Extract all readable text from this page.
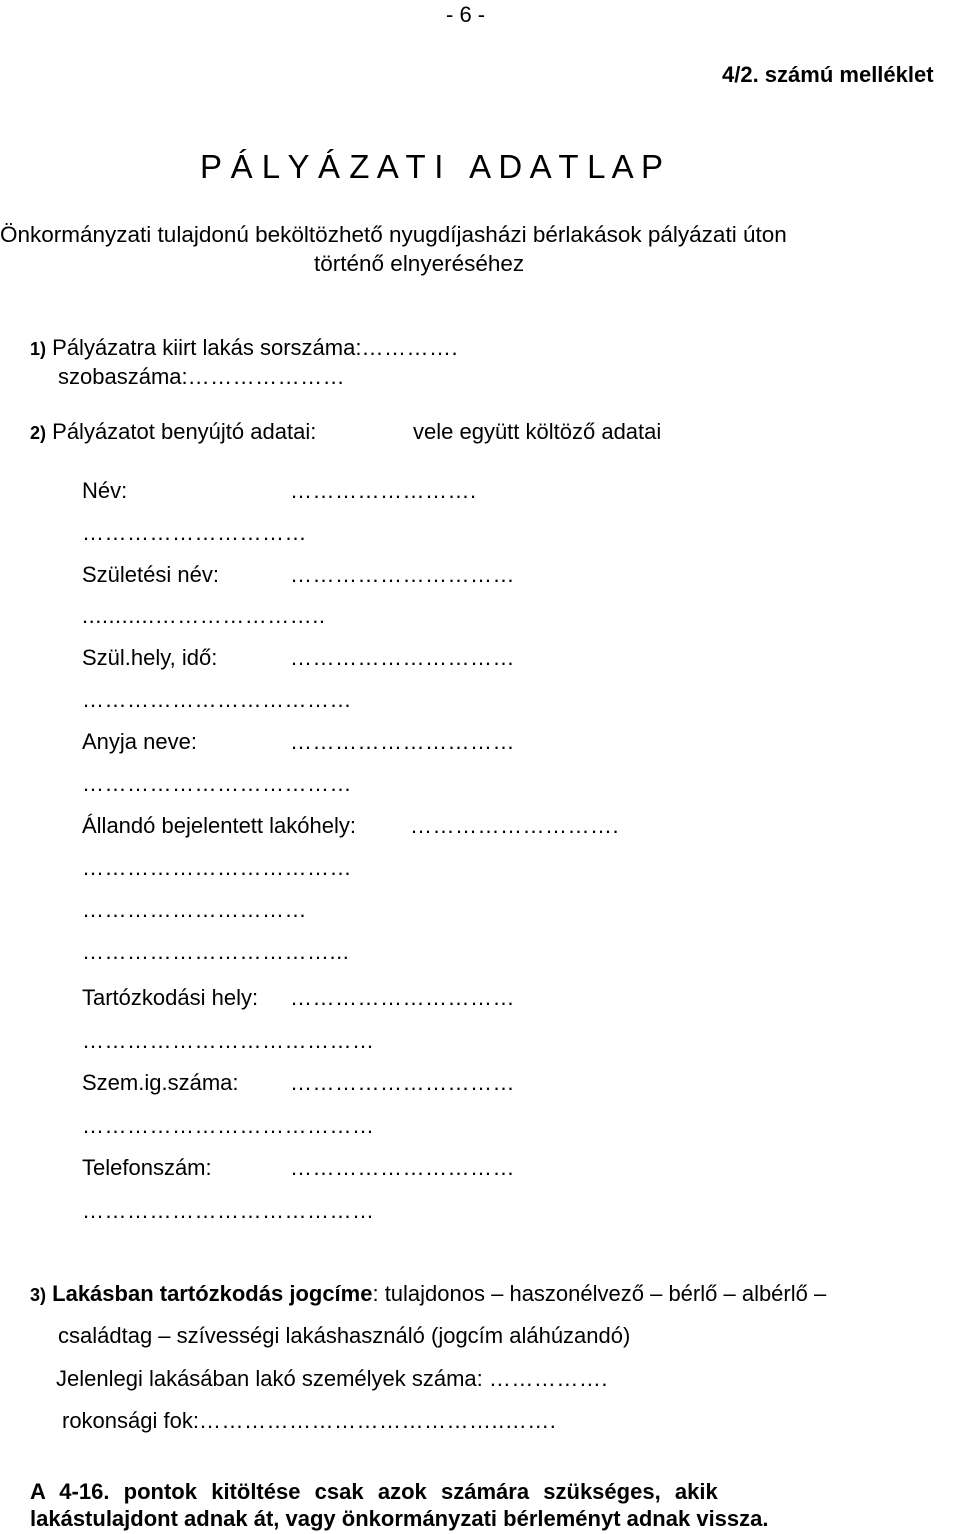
- 6 -
4/2. számú melléklet
P Á L Y Á Z A T I   A D A T L A P
Önkormányzati tulajdonú beköltözhető nyugdíjasházi bérlakások pályázati úton
történő elnyeréséhez
1) Pályázatra kiirt lakás sorszáma:………….
szobaszáma:…………………
2) Pályázatot benyújtó adatai:	vele együtt költöző adatai
Név:	…………………….
…………………………
Születési név:	…………………………
...........…………………..
Szül.hely, idő:	…………………………
………………………………
Anyja neve:	…………………………
………………………………
Állandó bejelentett lakóhely: ……………………….
………………………………
…………………………
……………………………...
Tartózkodási hely: …………………………
…………………………………
Szem.ig.száma: …………………………
…………………………………
Telefonszám:	…………………………
…………………………………
3) Lakásban tartózkodás jogcíme: tulajdonos – haszonélvező – bérlő – albérlő –
családtag – szívességi lakáshasználó (jogcím aláhúzandó)
Jelenlegi lakásában lakó személyek száma: …………….
rokonsági fok:…………………………………..…….
A  4-16.  pontok  kitöltése  csak  azok  számára  szükséges,  akik
lakástulajdont adnak át, vagy önkormányzati bérleményt adnak vissza.
